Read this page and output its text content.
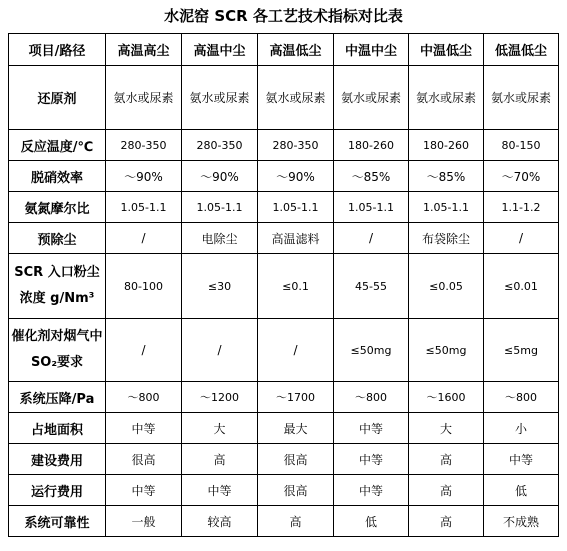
水泥窑 SCR 各工艺技术指标对比表
项目/路径	高温高尘	高温中尘	高温低尘	中温中尘	中温低尘	低温低尘
还原剂	氨水或尿素	氨水或尿素	氨水或尿素	氨水或尿素	氨水或尿素	氨水或尿素
反应温度/℃	280-350	280-350	280-350	180-260	180-260	80-150
脱硝效率	～90%	～90%	～90%	～85%	～85%	～70%
氨氮摩尔比	1.05-1.1	1.05-1.1	1.05-1.1	1.05-1.1	1.05-1.1	1.1-1.2
预除尘	/	电除尘	高温滤料	/	布袋除尘	/
SCR 入口粉尘浓度 g/Nm³	80-100	≤30	≤0.1	45-55	≤0.05	≤0.01
催化剂对烟气中 SO₂要求	/	/	/	≤50mg	≤50mg	≤5mg
系统压降/Pa	～800	～1200	～1700	～800	～1600	～800
占地面积	中等	大	最大	中等	大	小
建设费用	很高	高	很高	中等	高	中等
运行费用	中等	中等	很高	中等	高	低
系统可靠性	一般	较高	高	低	高	不成熟
